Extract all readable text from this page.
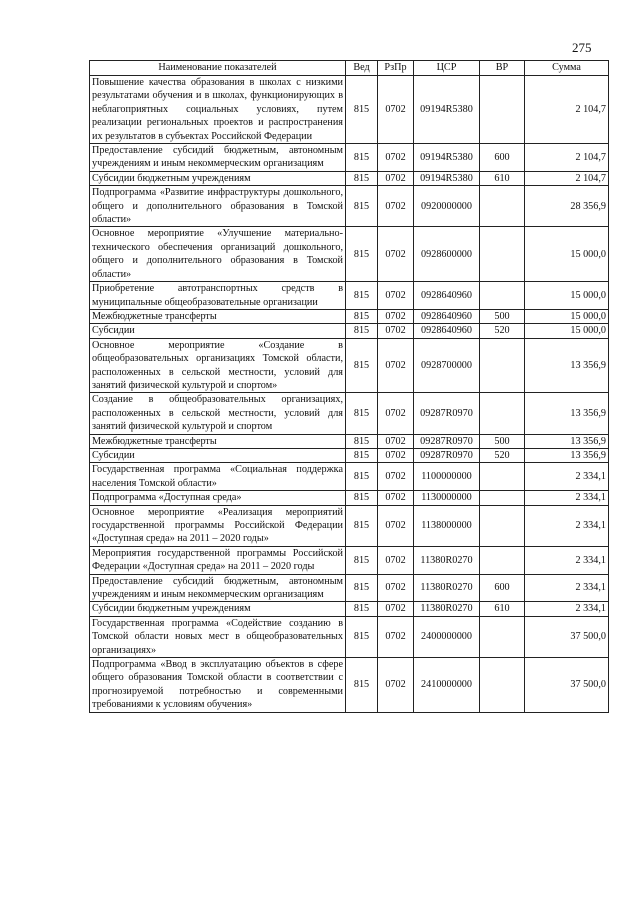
275
Наименование показателей	Вед	РзПр	ЦСР	ВР	Сумма
Повышение качества образования в школах с низкими результатами обучения и в школах, функционирующих в неблагоприятных социальных условиях, путем реализации региональных проектов и распространения их результатов в субъектах Российской Федерации	815	0702	09194R5380		2 104,7
Предоставление субсидий бюджетным, автономным учреждениям и иным некоммерческим организациям	815	0702	09194R5380	600	2 104,7
Субсидии бюджетным учреждениям	815	0702	09194R5380	610	2 104,7
Подпрограмма «Развитие инфраструктуры дошкольного, общего и дополнительного образования в Томской области»	815	0702	0920000000		28 356,9
Основное мероприятие «Улучшение материально-технического обеспечения организаций дошкольного, общего и дополнительного образования в Томской области»	815	0702	0928600000		15 000,0
Приобретение автотранспортных средств в муниципальные общеобразовательные организации	815	0702	0928640960		15 000,0
Межбюджетные трансферты	815	0702	0928640960	500	15 000,0
Субсидии	815	0702	0928640960	520	15 000,0
Основное мероприятие «Создание в общеобразовательных организациях Томской области, расположенных в сельской местности, условий для занятий физической культурой и спортом»	815	0702	0928700000		13 356,9
Создание в общеобразовательных организациях, расположенных в сельской местности, условий для занятий физической культурой и спортом	815	0702	09287R0970		13 356,9
Межбюджетные трансферты	815	0702	09287R0970	500	13 356,9
Субсидии	815	0702	09287R0970	520	13 356,9
Государственная программа «Социальная поддержка населения Томской области»	815	0702	1100000000		2 334,1
Подпрограмма «Доступная среда»	815	0702	1130000000		2 334,1
Основное мероприятие «Реализация мероприятий государственной программы Российской Федерации «Доступная среда» на 2011 – 2020 годы»	815	0702	1138000000		2 334,1
Мероприятия государственной программы Российской Федерации «Доступная среда» на 2011 – 2020 годы	815	0702	11380R0270		2 334,1
Предоставление субсидий бюджетным, автономным учреждениям и иным некоммерческим организациям	815	0702	11380R0270	600	2 334,1
Субсидии бюджетным учреждениям	815	0702	11380R0270	610	2 334,1
Государственная программа «Содействие созданию в Томской области новых мест в общеобразовательных организациях»	815	0702	2400000000		37 500,0
Подпрограмма «Ввод в эксплуатацию объектов в сфере общего образования Томской области в соответствии с прогнозируемой потребностью и современными требованиями к условиям обучения»	815	0702	2410000000		37 500,0
